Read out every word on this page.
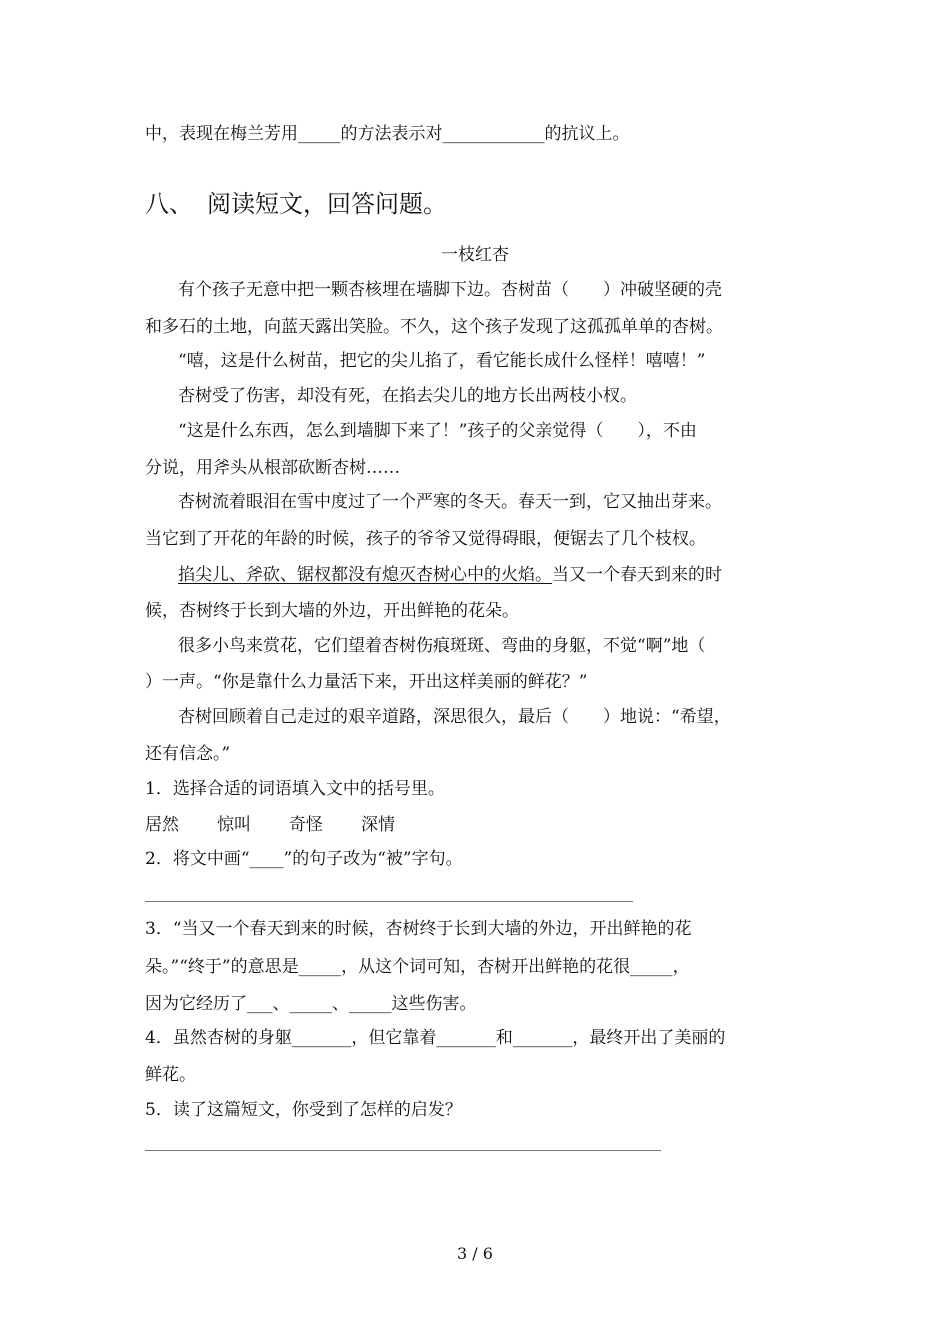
中，表现在梅兰芳用_____的方法表示对____________的抗议上。
八、 阅读短文，回答问题。
一枝红杏
有个孩子无意中把一颗杏核埋在墙脚下边。杏树苗（　　）冲破坚硬的壳
和多石的土地，向蓝天露出笑脸。不久，这个孩子发现了这孤孤单单的杏树。
“嘻，这是什么树苗，把它的尖儿掐了，看它能长成什么怪样！嘻嘻！”
杏树受了伤害，却没有死，在掐去尖儿的地方长出两枝小杈。
“这是什么东西，怎么到墙脚下来了！”孩子的父亲觉得（　　），不由
分说，用斧头从根部砍断杏树……
杏树流着眼泪在雪中度过了一个严寒的冬天。春天一到，它又抽出芽来。
当它到了开花的年龄的时候，孩子的爷爷又觉得碍眼，便锯去了几个枝杈。
掐尖儿、斧砍、锯杈都没有熄灭杏树心中的火焰。当又一个春天到来的时
候，杏树终于长到大墙的外边，开出鲜艳的花朵。
很多小鸟来赏花，它们望着杏树伤痕斑斑、弯曲的身躯，不觉“啊”地（
）一声。“你是靠什么力量活下来，开出这样美丽的鲜花？”
杏树回顾着自己走过的艰辛道路，深思很久，最后（　　）地说：“希望，
还有信念。”
1．选择合适的词语填入文中的括号里。
居然 惊叫 奇怪 深情
2．将文中画“____”的句子改为“被”字句。
3．“当又一个春天到来的时候，杏树终于长到大墙的外边，开出鲜艳的花
朵。”“终于”的意思是_____，从这个词可知，杏树开出鲜艳的花很_____，
因为它经历了___、_____、_____这些伤害。
4．虽然杏树的身躯_______，但它靠着_______和_______，最终开出了美丽的
鲜花。
5．读了这篇短文，你受到了怎样的启发？
3 / 6
